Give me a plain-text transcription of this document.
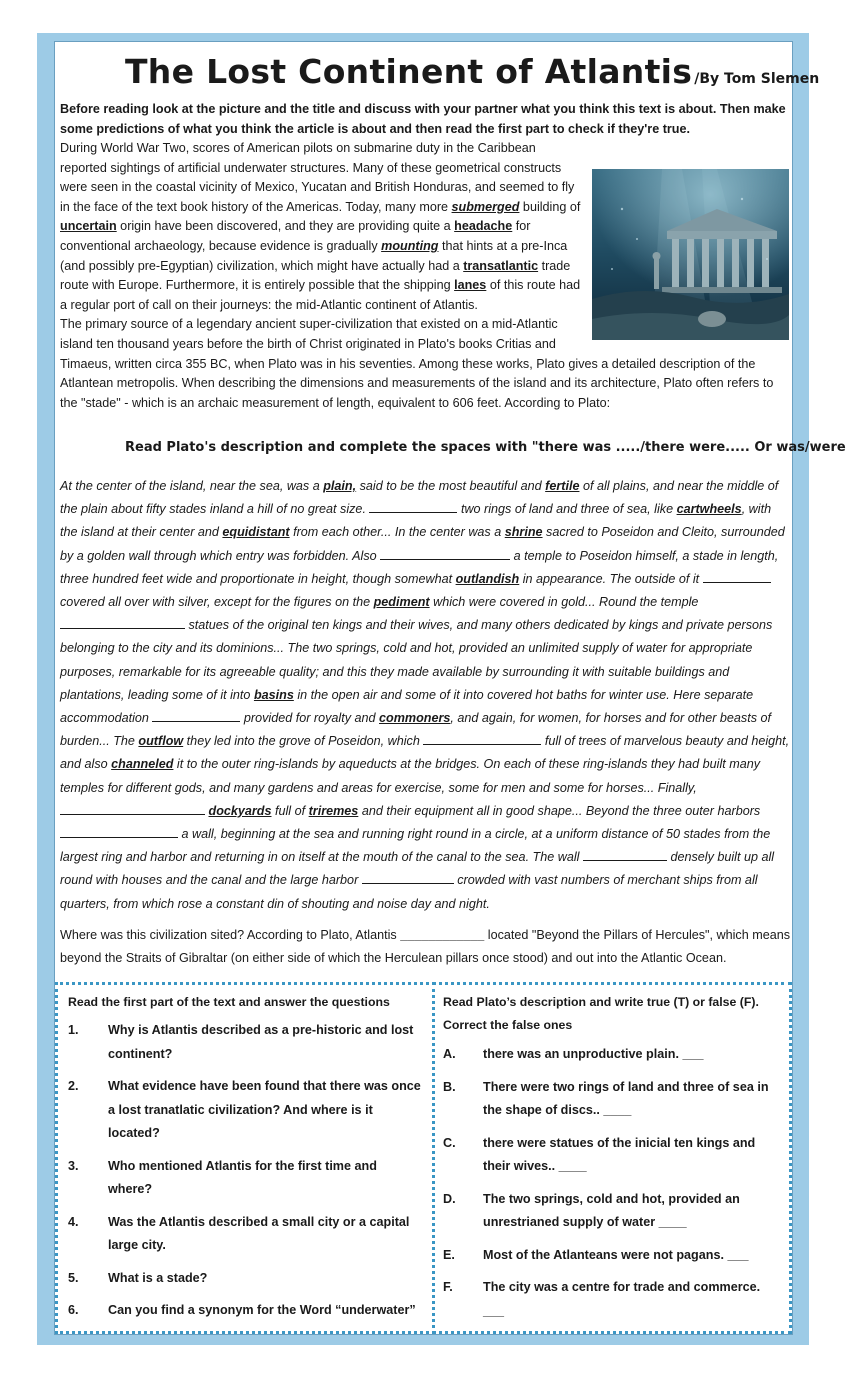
The Lost Continent of Atlantis /By Tom Slemen
Before reading look at the picture and the title and discuss with your partner what you think this text is about. Then make some predictions of what you think the article is about and then read the first part to check if they're true.
During World War Two, scores of American pilots on submarine duty in the Caribbean reported sightings of artificial underwater structures. Many of these geometrical constructs were seen in the coastal vicinity of Mexico, Yucatan and British Honduras, and seemed to fly in the face of the text book history of the Americas. Today, many more submerged building of uncertain origin have been discovered, and they are providing quite a headache for conventional archaeology, because evidence is gradually mounting that hints at a pre-Inca (and possibly pre-Egyptian) civilization, which might have actually had a transatlantic trade route with Europe. Furthermore, it is entirely possible that the shipping lanes of this route had a regular port of call on their journeys: the mid-Atlantic continent of Atlantis.
The primary source of a legendary ancient super-civilization that existed on a mid-Atlantic island ten thousand years before the birth of Christ originated in Plato's books Critias and Timaeus, written circa 355 BC, when Plato was in his seventies. Among these works, Plato gives a detailed description of the Atlantean metropolis. When describing the dimensions and measurements of the island and its architecture, Plato often refers to the "stade" - which is an archaic measurement of length, equivalent to 606 feet. According to Plato:
Read Plato's description and complete the spaces with "there was ...../there were..... Or was/were
At the center of the island, near the sea, was a plain, said to be the most beautiful and fertile of all plains, and near the middle of the plain about fifty stades inland a hill of no great size.	two rings of land and three of sea, like cartwheels, with the island at their center and equidistant from each other... In the center was a shrine sacred to Poseidon and Cleito, surrounded by a golden wall through which entry was forbidden. Also	a temple to Poseidon himself, a stade in length, three hundred feet wide and proportionate in height, though somewhat outlandish in appearance. The outside of it  covered all over with silver, except for the figures on the pediment which were covered in gold... Round the temple  statues of the original ten kings and their wives, and many others dedicated by kings and private persons belonging to the city and its dominions... The two springs, cold and hot, provided an unlimited supply of water for appropriate purposes, remarkable for its agreeable quality; and this they made available by surrounding it with suitable buildings and plantations, leading some of it into basins in the open air and some of it into covered hot baths for winter use. Here separate accommodation	provided for royalty and commoners, and again, for women, for horses and for other beasts of burden... The outflow they led into the grove of Poseidon, which	full of trees of marvelous beauty and height, and also channeled it to the outer ring-islands by aqueducts at the bridges. On each of these ring-islands they had built many temples for different gods, and many gardens and areas for exercise, some for men and some for horses... Finally,  dockyards full of triremes and their equipment all in good shape... Beyond the three outer harbors  a wall, beginning at the sea and running right round in a circle, at a uniform distance of 50 stades from the largest ring and harbor and returning in on itself at the mouth of the canal to the sea. The wall	densely built up all round with houses and the canal and the large harbor	crowded with vast numbers of merchant ships from all quarters, from which rose a constant din of shouting and noise day and night.
Where was this civilization sited? According to Plato, Atlantis ____________ located "Beyond the Pillars of Hercules", which means beyond the Straits of Gibraltar (on either side of which the Herculean pillars once stood) and out into the Atlantic Ocean.
Read the first part of the text and answer the questions
1.	Why is Atlantis described as a pre-historic and lost continent?
2.	What evidence have been found that there was once a lost tranatlatic civilization? And where is it located?
3.	Who mentioned Atlantis for the first time and where?
4.	Was the Atlantis described a small city or a capital large city.
5.	What is a stade?
6.	Can you find a synonym for the Word “underwater”
Read Plato’s description and write true (T) or false (F). Correct the false ones
A.	there was an unproductive plain. ___
B.	There were two rings of land and three of sea in the shape of discs.. ____
C.	there were statues of the inicial ten kings and their wives.. ____
D.	The two springs, cold and hot, provided an unrestrianed supply of water ____
E.	Most of the Atlanteans were not pagans. ___
F.	The city was a centre for trade and commerce. ___
